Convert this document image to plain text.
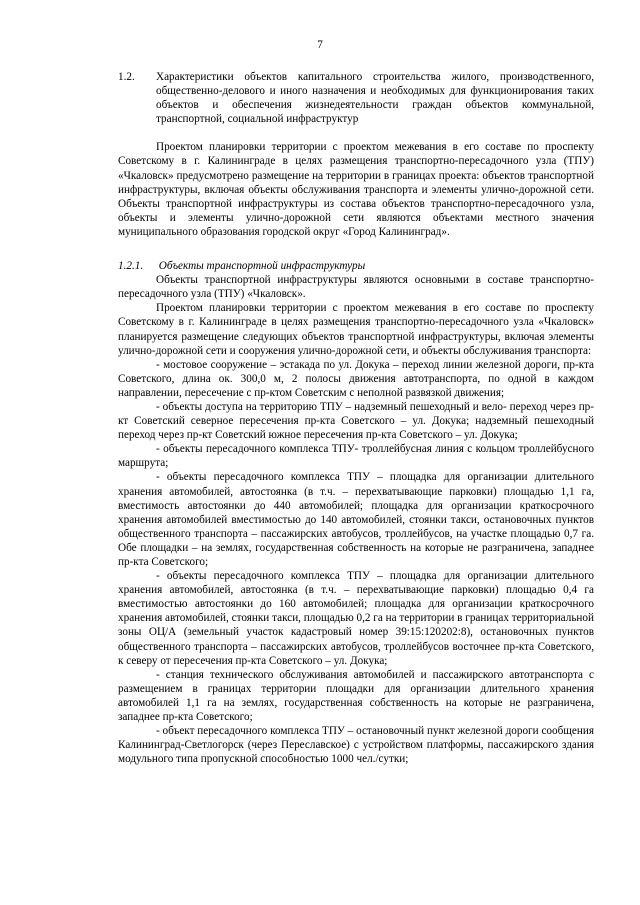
7
1.2.	Характеристики объектов капитального строительства жилого, производственного, общественно-делового и иного назначения и необходимых для функционирования таких объектов и обеспечения жизнедеятельности граждан объектов коммунальной, транспортной, социальной инфраструктур

Проектом планировки территории с проектом межевания в его составе по проспекту Советскому в г. Калининграде в целях размещения транспортно-пересадочного узла (ТПУ) «Чкаловск» предусмотрено размещение на территории в границах проекта: объектов транспортной инфраструктуры, включая объекты обслуживания транспорта и элементы улично-дорожной сети. Объекты транспортной инфраструктуры из состава объектов транспортно-пересадочного узла, объекты и элементы улично-дорожной сети являются объектами местного значения муниципального образования городской округ «Город Калининград».

1.2.1. Объекты транспортной инфраструктуры

Объекты транспортной инфраструктуры являются основными в составе транспортно-пересадочного узла (ТПУ) «Чкаловск».

Проектом планировки территории с проектом межевания в его составе по проспекту Советскому в г. Калининграде в целях размещения транспортно-пересадочного узла «Чкаловск» планируется размещение следующих объектов транспортной инфраструктуры, включая элементы улично-дорожной сети и сооружения улично-дорожной сети, и объекты обслуживания транспорта:

- мостовое сооружение – эстакада по ул. Докука – переход линии железной дороги, пр-кта Советского, длина ок. 300,0 м, 2 полосы движения автотранспорта, по одной в каждом направлении, пересечение с пр-ктом Советским с неполной развязкой движения;

- объекты доступа на территорию ТПУ – надземный пешеходный и вело- переход через пр-кт Советский северное пересечения пр-кта Советского – ул. Докука; надземный пешеходный переход через пр-кт Советский южное пересечения пр-кта Советского – ул. Докука;

- объекты пересадочного комплекса ТПУ- троллейбусная линия с кольцом троллейбусного маршрута;

- объекты пересадочного комплекса ТПУ – площадка для организации длительного хранения автомобилей, автостоянка (в т.ч. – перехватывающие парковки) площадью 1,1 га, вместимость автостоянки до 440 автомобилей; площадка для организации краткосрочного хранения автомобилей вместимостью до 140 автомобилей, стоянки такси, остановочных пунктов общественного транспорта – пассажирских автобусов, троллейбусов, на участке площадью 0,7 га. Обе площадки – на землях, государственная собственность на которые не разграничена, западнее пр-кта Советского;

- объекты пересадочного комплекса ТПУ – площадка для организации длительного хранения автомобилей, автостоянка (в т.ч. – перехватывающие парковки) площадью 0,4 га вместимостью автостоянки до 160 автомобилей; площадка для организации краткосрочного хранения автомобилей, стоянки такси, площадью 0,2 га на территории в границах территориальной зоны ОЦ/А (земельный участок кадастровый номер 39:15:120202:8), остановочных пунктов общественного транспорта – пассажирских автобусов, троллейбусов восточнее пр-кта Советского, к северу от пересечения пр-кта Советского – ул. Докука;

- станция технического обслуживания автомобилей и пассажирского автотранспорта с размещением в границах территории площадки для организации длительного хранения автомобилей 1,1 га на землях, государственная собственность на которые не разграничена, западнее пр-кта Советского;

- объект пересадочного комплекса ТПУ – остановочный пункт железной дороги сообщения Калининград-Светлогорск (через Переславское) с устройством платформы, пассажирского здания модульного типа пропускной способностью 1000 чел./сутки;
